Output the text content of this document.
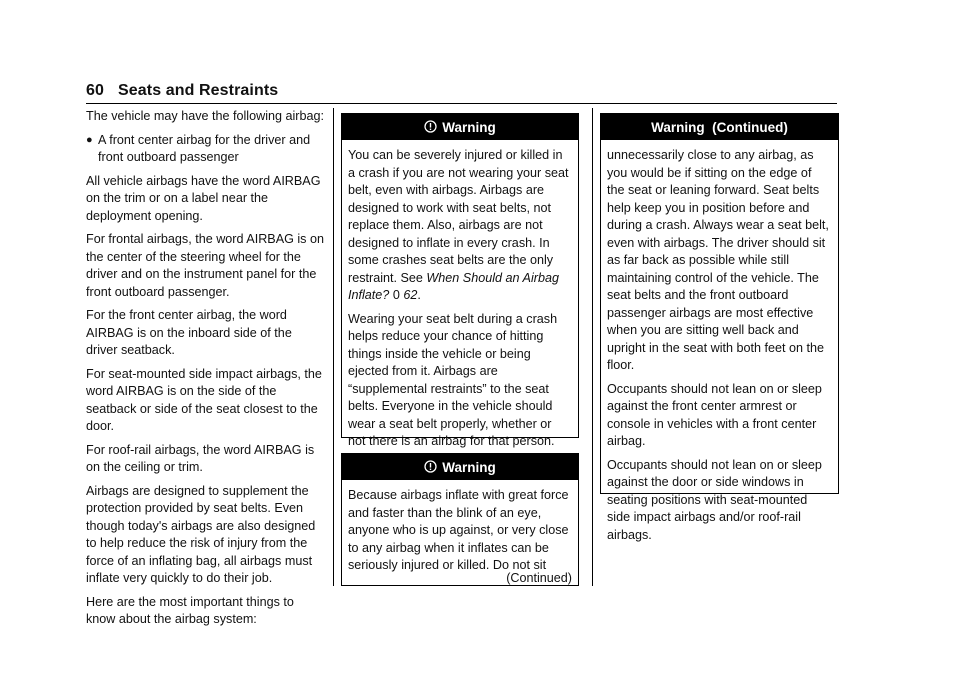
60 Seats and Restraints

The vehicle may have the following airbag:

● A front center airbag for the driver and front outboard passenger

All vehicle airbags have the word AIRBAG on the trim or on a label near the deployment opening.

For frontal airbags, the word AIRBAG is on the center of the steering wheel for the driver and on the instrument panel for the front outboard passenger.

For the front center airbag, the word AIRBAG is on the inboard side of the driver seatback.

For seat-mounted side impact airbags, the word AIRBAG is on the side of the seatback or side of the seat closest to the door.

For roof-rail airbags, the word AIRBAG is on the ceiling or trim.

Airbags are designed to supplement the protection provided by seat belts. Even though today's airbags are also designed to help reduce the risk of injury from the force of an inflating bag, all airbags must inflate very quickly to do their job.

Here are the most important things to know about the airbag system:

Warning

You can be severely injured or killed in a crash if you are not wearing your seat belt, even with airbags. Airbags are designed to work with seat belts, not replace them. Also, airbags are not designed to inflate in every crash. In some crashes seat belts are the only restraint. See When Should an Airbag Inflate? 0 62.

Wearing your seat belt during a crash helps reduce your chance of hitting things inside the vehicle or being ejected from it. Airbags are “supplemental restraints” to the seat belts. Everyone in the vehicle should wear a seat belt properly, whether or not there is an airbag for that person.

Warning

Because airbags inflate with great force and faster than the blink of an eye, anyone who is up against, or very close to any airbag when it inflates can be seriously injured or killed. Do not sit

(Continued)
Warning  (Continued)

unnecessarily close to any airbag, as you would be if sitting on the edge of the seat or leaning forward. Seat belts help keep you in position before and during a crash. Always wear a seat belt, even with airbags. The driver should sit as far back as possible while still maintaining control of the vehicle. The seat belts and the front outboard passenger airbags are most effective when you are sitting well back and upright in the seat with both feet on the floor.

Occupants should not lean on or sleep against the front center armrest or console in vehicles with a front center airbag.

Occupants should not lean on or sleep against the door or side windows in seating positions with seat-mounted side impact airbags and/or roof-rail airbags.
